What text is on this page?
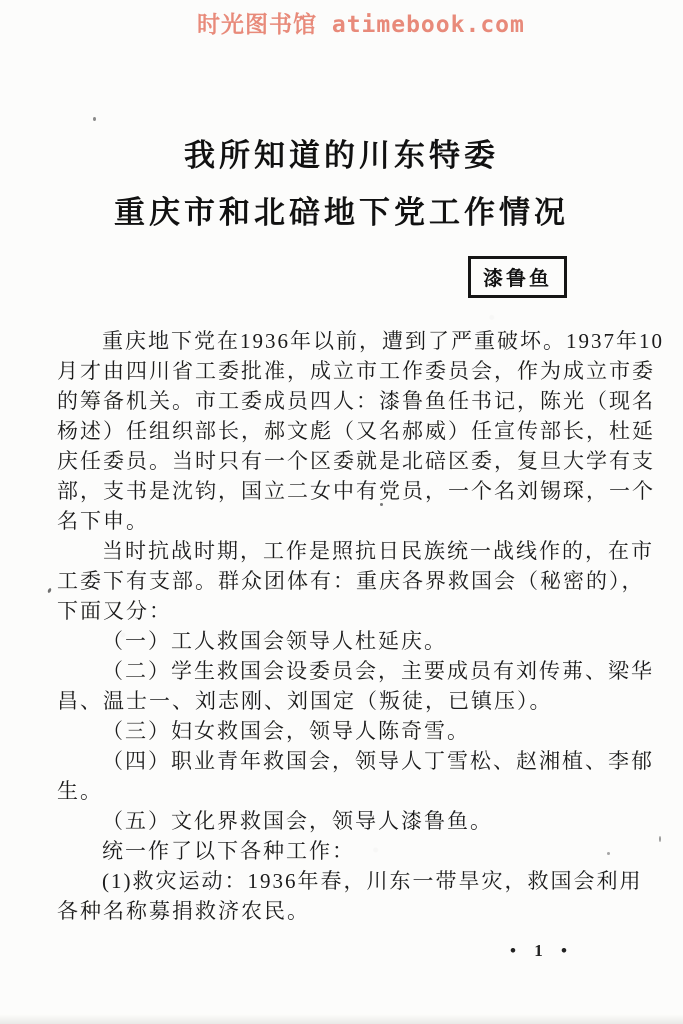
时光图书馆 atimebook.com
我所知道的川东特委
重庆市和北碚地下党工作情况
漆鲁鱼
重庆地下党在1936年以前，遭到了严重破坏。1937年10
月才由四川省工委批准，成立市工作委员会，作为成立市委
的筹备机关。市工委成员四人：漆鲁鱼任书记，陈光（现名
杨述）任组织部长，郝文彪（又名郝威）任宣传部长，杜延
庆任委员。当时只有一个区委就是北碚区委，复旦大学有支
部，支书是沈钧，国立二女中有党员，一个名刘锡琛，一个
名下申。
当时抗战时期，工作是照抗日民族统一战线作的，在市
工委下有支部。群众团体有：重庆各界救国会（秘密的），
下面又分：
（一）工人救国会领导人杜延庆。
（二）学生救国会设委员会，主要成员有刘传茀、梁华
昌、温士一、刘志刚、刘国定（叛徒，已镇压）。
（三）妇女救国会，领导人陈奇雪。
（四）职业青年救国会，领导人丁雪松、赵湘植、李郁
生。
（五）文化界救国会，领导人漆鲁鱼。
统一作了以下各种工作：
(1)救灾运动：1936年春，川东一带旱灾，救国会利用
各种名称募捐救济农民。
• 1 •
